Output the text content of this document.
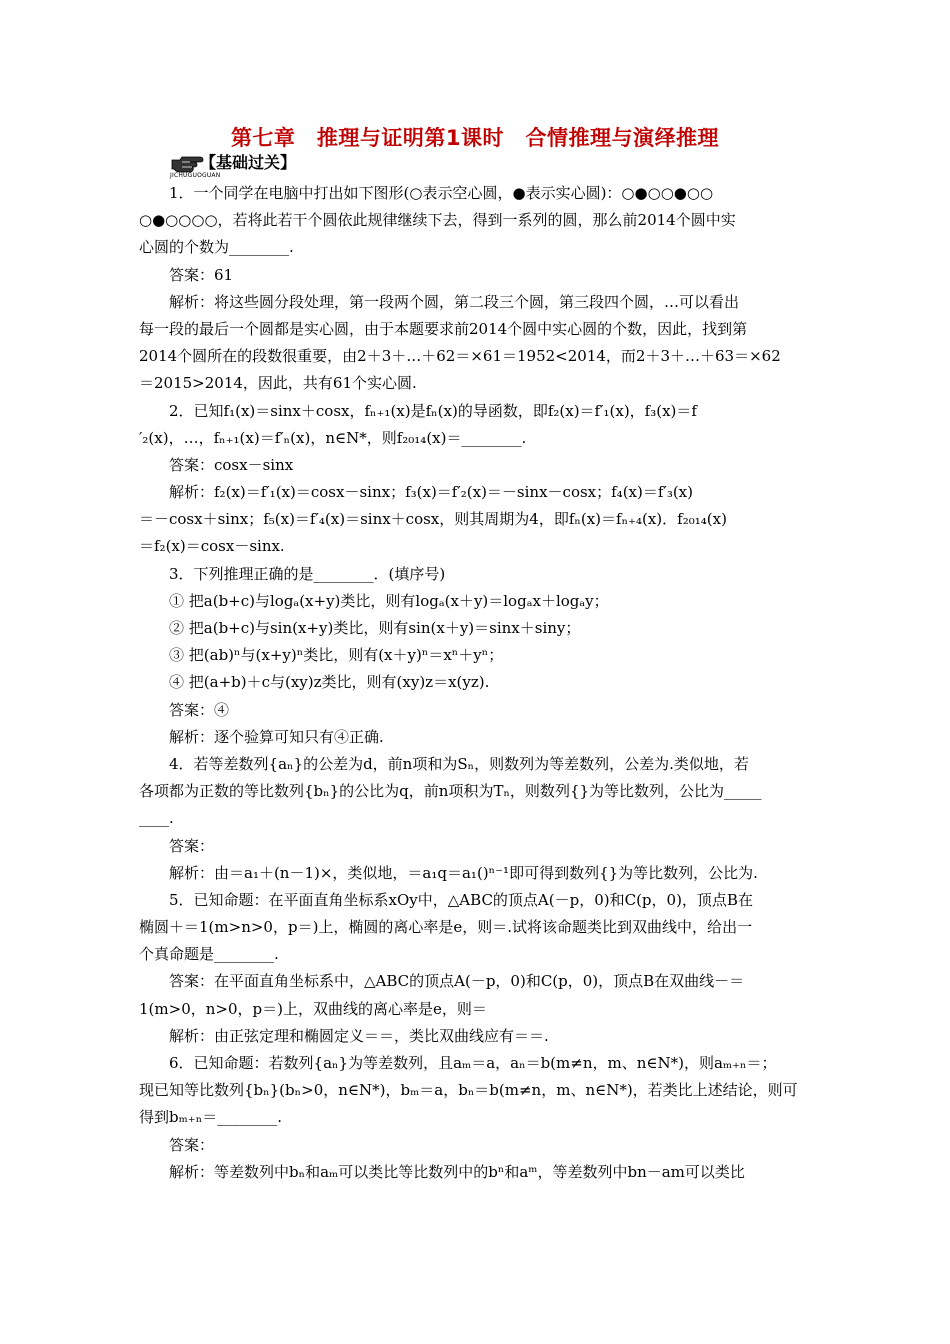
第七章　推理与证明第1课时　合情推理与演绎推理
【基础过关】
JICHUGUOGUAN
1．一个同学在电脑中打出如下图形(○表示空心圆，●表示实心圆)：○●○○●○○
○●○○○○，若将此若干个圆依此规律继续下去，得到一系列的圆，那么前2014个圆中实
心圆的个数为________.
答案：61
解析：将这些圆分段处理，第一段两个圆，第二段三个圆，第三段四个圆，…可以看出
每一段的最后一个圆都是实心圆，由于本题要求前2014个圆中实心圆的个数，因此，找到第
2014个圆所在的段数很重要，由2＋3＋…＋62＝×61＝1952<2014，而2＋3＋…＋63＝×62
＝2015>2014，因此，共有61个实心圆.
2．已知f₁(x)＝sinx＋cosx，fₙ₊₁(x)是fₙ(x)的导函数，即f₂(x)＝f′₁(x)，f₃(x)＝f
′₂(x)，…，fₙ₊₁(x)＝f′ₙ(x)，n∈N*，则f₂₀₁₄(x)＝________.
答案：cosx－sinx
解析：f₂(x)＝f′₁(x)＝cosx－sinx；f₃(x)＝f′₂(x)＝－sinx－cosx；f₄(x)＝f′₃(x)
＝－cosx＋sinx；f₅(x)＝f′₄(x)＝sinx＋cosx，则其周期为4，即fₙ(x)＝fₙ₊₄(x)．f₂₀₁₄(x)
＝f₂(x)＝cosx－sinx.
3．下列推理正确的是________．(填序号)
① 把a(b+c)与logₐ(x+y)类比，则有logₐ(x＋y)＝logₐx＋logₐy；
② 把a(b+c)与sin(x+y)类比，则有sin(x＋y)＝sinx＋siny；
③ 把(ab)ⁿ与(x+y)ⁿ类比，则有(x＋y)ⁿ＝xⁿ＋yⁿ；
④ 把(a+b)＋c与(xy)z类比，则有(xy)z＝x(yz).
答案：④
解析：逐个验算可知只有④正确.
4．若等差数列{aₙ}的公差为d，前n项和为Sₙ，则数列为等差数列，公差为.类似地，若
各项都为正数的等比数列{bₙ}的公比为q，前n项积为Tₙ，则数列{}为等比数列，公比为_____
____.
答案：
解析：由＝a₁＋(n－1)×，类似地，＝a₁q＝a₁()ⁿ⁻¹即可得到数列{}为等比数列，公比为.
5．已知命题：在平面直角坐标系xOy中，△ABC的顶点A(－p，0)和C(p，0)，顶点B在
椭圆＋＝1(m>n>0，p＝)上，椭圆的离心率是e，则＝.试将该命题类比到双曲线中，给出一
个真命题是________.
答案：在平面直角坐标系中，△ABC的顶点A(－p，0)和C(p，0)，顶点B在双曲线－＝
1(m>0，n>0，p＝)上，双曲线的离心率是e，则＝
解析：由正弦定理和椭圆定义＝＝，类比双曲线应有＝＝.
6．已知命题：若数列{aₙ}为等差数列，且aₘ＝a，aₙ＝b(m≠n，m、n∈N*)，则aₘ₊ₙ＝；
现已知等比数列{bₙ}(bₙ>0，n∈N*)，bₘ＝a，bₙ＝b(m≠n，m、n∈N*)，若类比上述结论，则可
得到bₘ₊ₙ＝________.
答案：
解析：等差数列中bₙ和aₘ可以类比等比数列中的bⁿ和aᵐ，等差数列中bn－am可以类比
